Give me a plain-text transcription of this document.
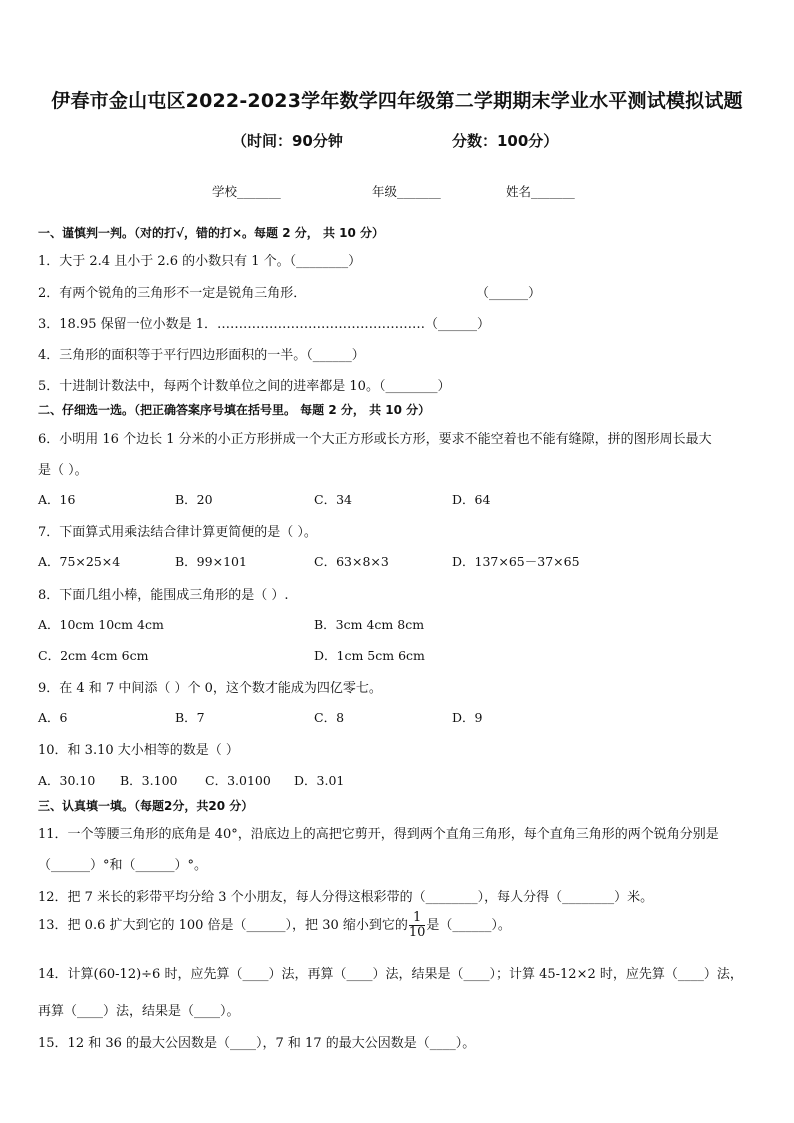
伊春市金山屯区2022-2023学年数学四年级第二学期期末学业水平测试模拟试题
（时间：90分钟	分数：100分）
学校_______	年级_______	姓名_______
一、谨慎判一判。（对的打√，错的打×。每题 2 分， 共 10 分）
1．大于 2.4 且小于 2.6 的小数只有 1 个。（________）
2．有两个锐角的三角形不一定是锐角三角形．	（______）
3．18.95 保留一位小数是 1．…………………………………………（______）
4．三角形的面积等于平行四边形面积的一半。（______）
5．十进制计数法中，每两个计数单位之间的进率都是 10。（________）
二、仔细选一选。（把正确答案序号填在括号里。 每题 2 分， 共 10 分）
6．小明用 16 个边长 1 分米的小正方形拼成一个大正方形或长方形，要求不能空着也不能有缝隙，拼的图形周长最大
是（ ）。
A．16	B．20	C．34	D．64
7．下面算式用乘法结合律计算更简便的是（ ）。
A．75×25×4	B．99×101	C．63×8×3	D．137×65－37×65
8．下面几组小棒，能围成三角形的是（ ）.
A．10cm 10cm 4cm	B．3cm 4cm 8cm
C．2cm 4cm 6cm	D．1cm 5cm 6cm
9．在 4 和 7 中间添（ ）个 0，这个数才能成为四亿零七。
A．6	B．7	C．8	D．9
10．和 3.10 大小相等的数是（ ）
A．30.10 B．3.100 C．3.0100 D．3.01
三、认真填一填。（每题2分，共20 分）
11．一个等腰三角形的底角是 40°，沿底边上的高把它剪开，得到两个直角三角形，每个直角三角形的两个锐角分别是
（______）°和（______）°。
12．把 7 米长的彩带平均分给 3 个小朋友，每人分得这根彩带的（________），每人分得（________）米。
13．把 0.6 扩大到它的 100 倍是（______），把 30 缩小到它的 $\frac{1}{10}$ 是（______）。
14．计算(60-12)÷6 时，应先算（____）法，再算（____）法，结果是（____）；计算 45-12×2 时，应先算（____）法，
再算（____）法，结果是（____）。
15．12 和 36 的最大公因数是（____），7 和 17 的最大公因数是（____）。
